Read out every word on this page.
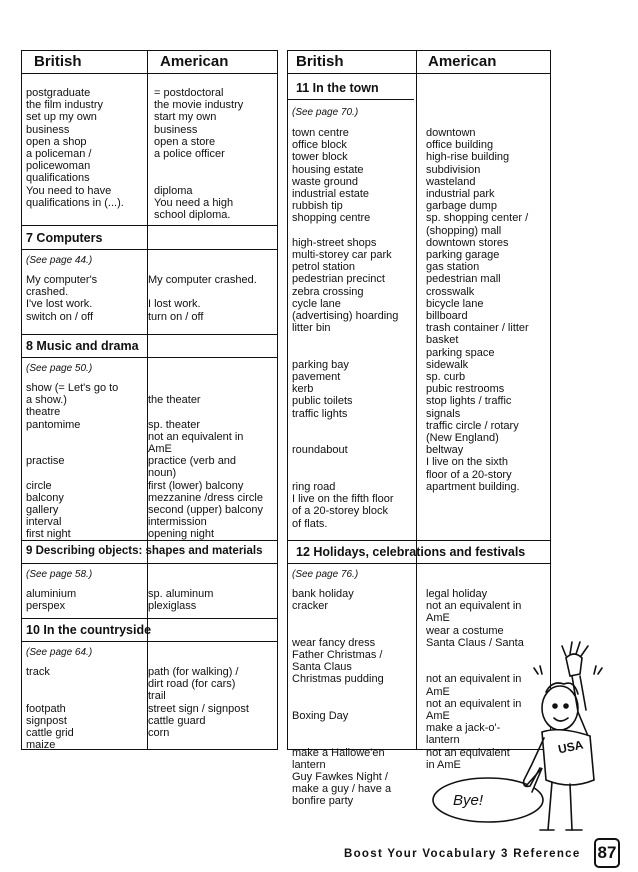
British	American
postgraduate
the film industry
set up my own
business
open a shop
a policeman /
policewoman
qualifications
You need to have
qualifications in (...).
= postdoctoral
the movie industry
start my own
business
open a store
a police officer

diploma
You need a high
school diploma.
7 Computers
(See page 44.)
My computer's
crashed.
I've lost work.
switch on / off
My computer crashed.

I lost work.
turn on / off
8 Music and drama
(See page 50.)
show (= Let's go to
a show.)
theatre
pantomime

practise

circle
balcony
gallery
interval
first night

the theater

sp. theater
not an equivalent in
AmE
practice (verb and
noun)
first (lower) balcony
mezzanine /dress circle
second (upper) balcony
intermission
opening night
9 Describing objects: shapes and materials
(See page 58.)
aluminium
perspex
sp. aluminum
plexiglass
10 In the countryside
(See page 64.)
track

footpath
signpost
cattle grid
maize
path (for walking) /
dirt road (for cars)
trail
street sign / signpost
cattle guard
corn
British	American
11 In the town
(See page 70.)
town centre
office block
tower block
housing estate
waste ground
industrial estate
rubbish tip
shopping centre

high-street shops
multi-storey car park
petrol station
pedestrian precinct
zebra crossing
cycle lane
(advertising) hoarding
litter bin

parking bay
pavement
kerb
public toilets
traffic lights

roundabout

ring road
I live on the fifth floor
of a 20-storey block
of flats.
downtown
office building
high-rise building
subdivision
wasteland
industrial park
garbage dump
sp. shopping center /
(shopping) mall
downtown stores
parking garage
gas station
pedestrian mall
crosswalk
bicycle lane
billboard
trash container / litter
basket
parking space
sidewalk
sp. curb
pubic restrooms
stop lights / traffic
signals
traffic circle / rotary
(New England)
beltway
I live on the sixth
floor of a 20-story
apartment building.
12 Holidays, celebrations and festivals
(See page 76.)
bank holiday
cracker

wear fancy dress
Father Christmas /
Santa Claus
Christmas pudding

Boxing Day

make a Hallowe'en
lantern
Guy Fawkes Night /
make a guy / have a
bonfire party
legal holiday
not an equivalent in
AmE
wear a costume
Santa Claus / Santa

not an equivalent in
AmE
not an equivalent in
AmE
make a jack-o'-
lantern
not an equivalent
in AmE
Bye!
USA
Boost Your Vocabulary 3 Reference 87
